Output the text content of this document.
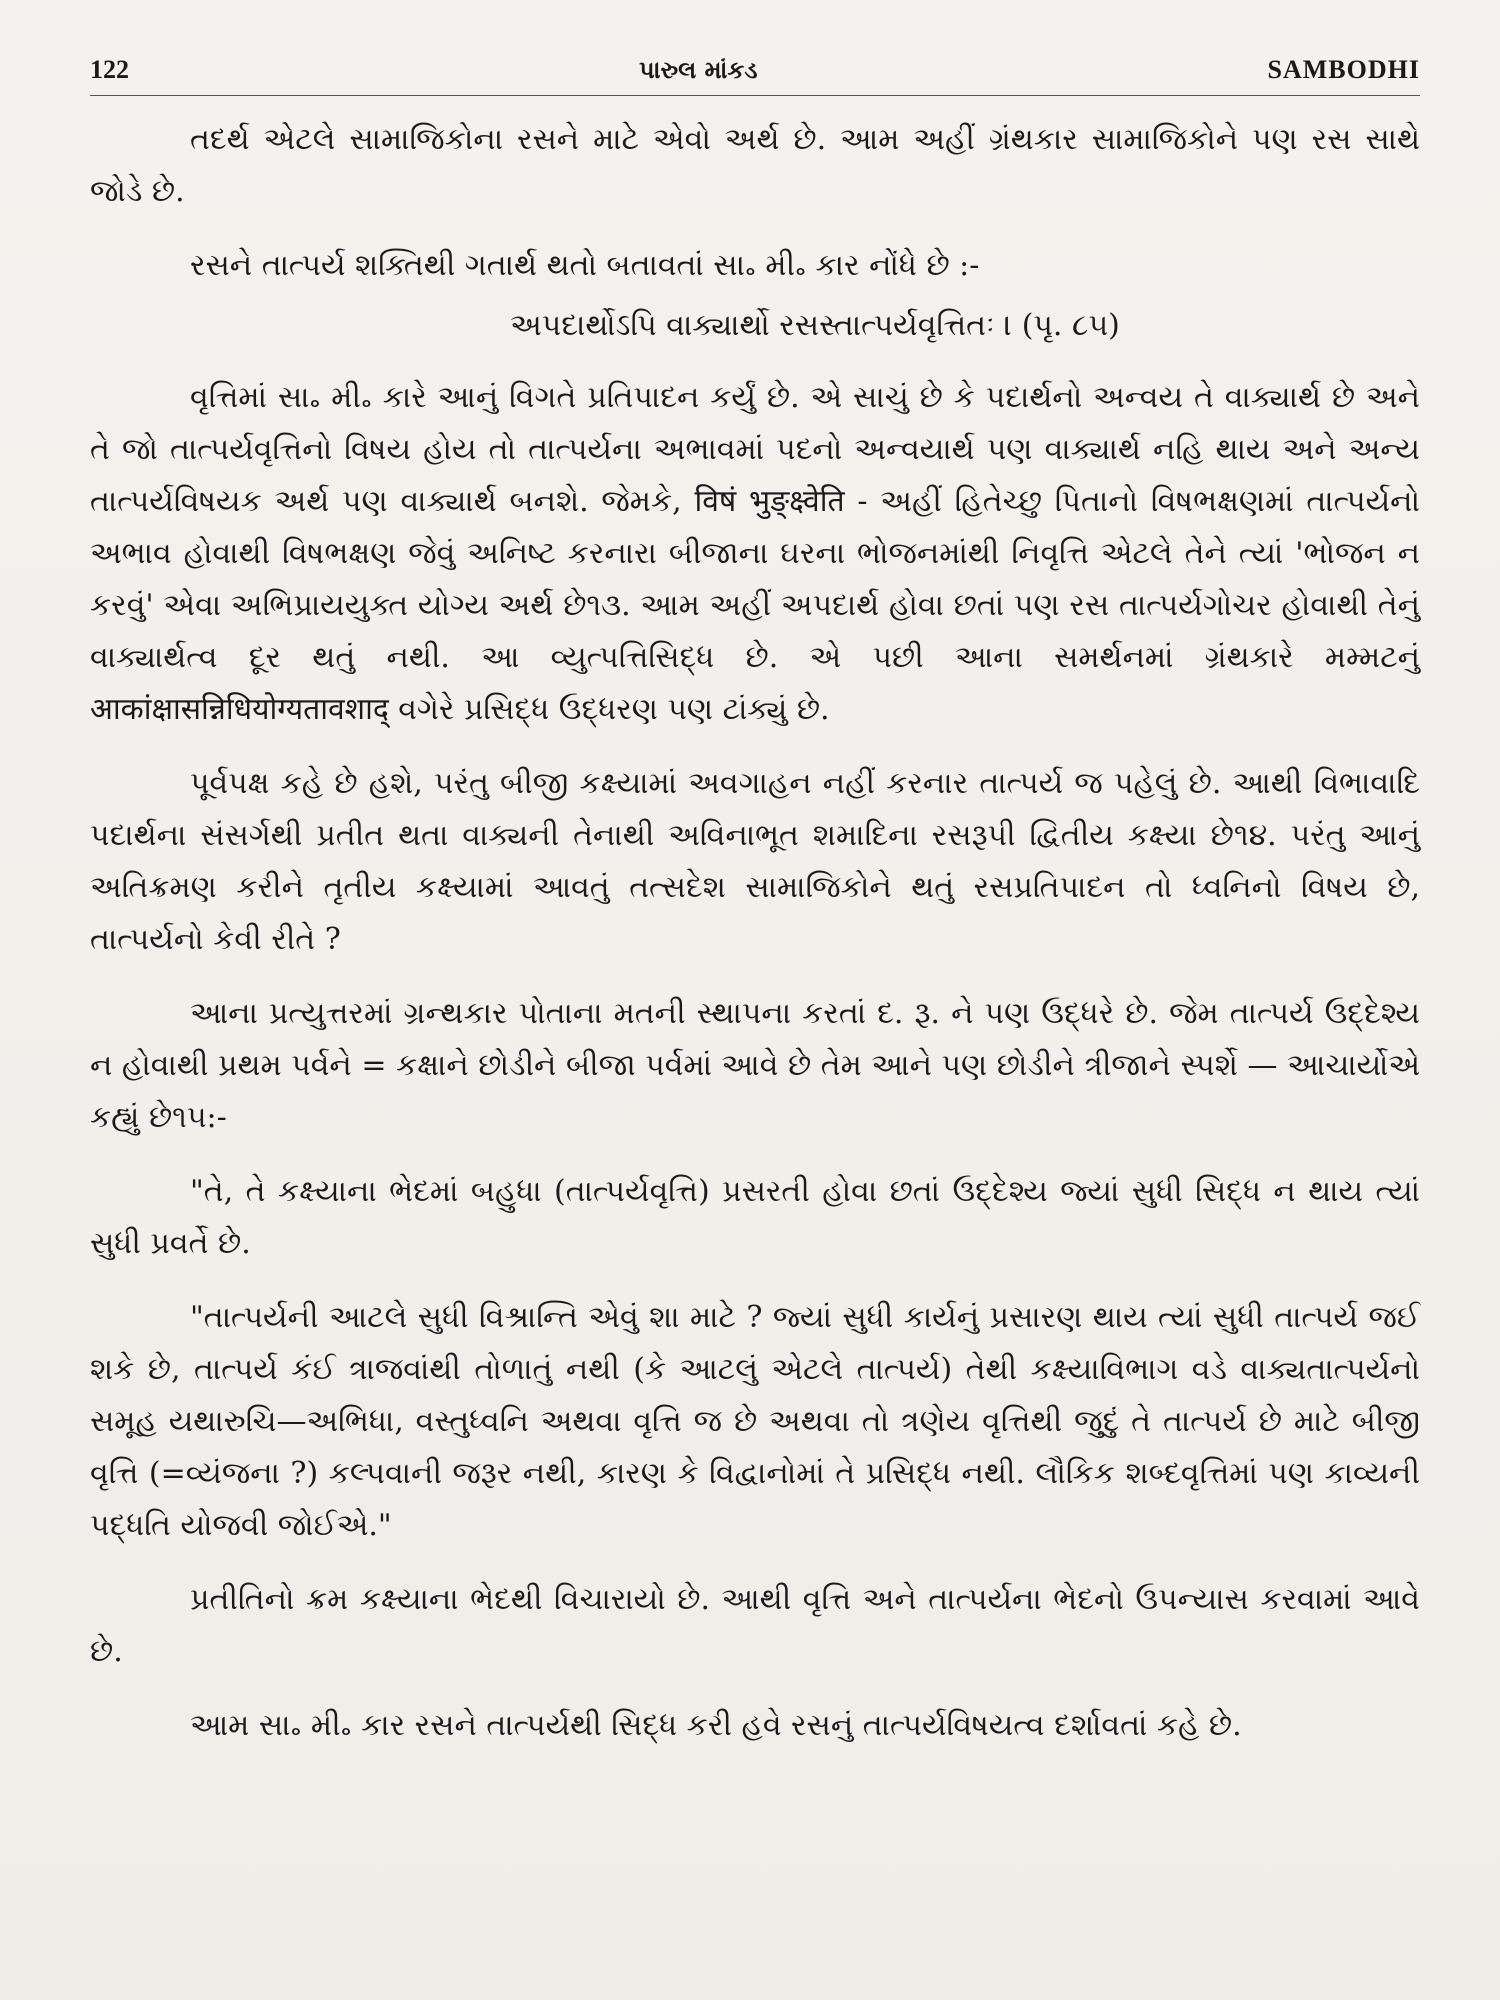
122	પારુલ માંકડ	SAMBODHI

તદર્થ એટલે સામાજિકોના રસને માટે એવો અર્થ છે. આમ અહીં ગ્રંથકાર સામાજિકોને પણ રસ સાથે જોડે છે.

રસને તાત્પર્ય શક્તિથી ગતાર્થ થતો બતાવતાં સા૰ મી૰ કાર નોંધે છે :-

અપદાર્થોઽપિ વાક્યાર્થો રસસ્તાત્પર્યવૃત્તિતઃ । (પૃ. ૮૫)

વૃત્તિમાં સા૰ મી૰ કારે આનું વિગતે પ્રતિપાદન કર્યું છે. એ સાચું છે કે પદાર્થનો અન્વય તે વાક્યાર્થ છે અને તે જો તાત્પર્યવૃત્તિનો વિષય હોય તો તાત્પર્યના અભાવમાં પદનો અન્વયાર્થ પણ વાક્યાર્થ નહિ થાય અને અન્ય તાત્પર્યવિષયક અર્થ પણ વાક્યાર્થ બનશે. જેમકે, विषं भुङ्क्ष्वेति - અહીં હિતેચ્છુ પિતાનો વિષભક્ષણમાં તાત્પર્યનો અભાવ હોવાથી વિષભક્ષણ જેવું અનિષ્ટ કરનારા બીજાના ઘરના ભોજનમાંથી નિવૃત્તિ એટલે તેને ત્યાં 'ભોજન ન કરવું' એવા અભિપ્રાયયુક્ત યોગ્ય અર્થ છે૧૩. આમ અહીં અપદાર્થ હોવા છતાં પણ રસ તાત્પર્યગોચર હોવાથી તેનું વાક્યાર્થત્વ દૂર થતું નથી. આ વ્યુત્પત્તિસિદ્ધ છે. એ પછી આના સમર્થનમાં ગ્રંથકારે મમ્મટનું आकांक्षासन्निधियोग्यतावशाद् વગેરે પ્રસિદ્ધ ઉદ્ધરણ પણ ટાંક્યું છે.

પૂર્વપક્ષ કહે છે હશે, પરંતુ બીજી કક્ષ્યામાં અવગાહન નહીં કરનાર તાત્પર્ય જ પહેલું છે. આથી વિભાવાદિ પદાર્થના સંસર્ગથી પ્રતીત થતા વાક્યની તેનાથી અવિનાભૂત શમાદિના રસરૂપી દ્વિતીય કક્ષ્યા છે૧૪. પરંતુ આનું અતિક્રમણ કરીને તૃતીય કક્ષ્યામાં આવતું તત્સદેશ સામાજિકોને થતું રસપ્રતિપાદન તો ધ્વનિનો વિષય છે, તાત્પર્યનો કેવી રીતે ?

આના પ્રત્યુત્તરમાં ગ્રન્થકાર પોતાના મતની સ્થાપના કરતાં દ. રૂ. ને પણ ઉદ્ધરે છે. જેમ તાત્પર્ય ઉદ્દેશ્ય ન હોવાથી પ્રથમ પર્વને = કક્ષાને છોડીને બીજા પર્વમાં આવે છે તેમ આને પણ છોડીને ત્રીજાને સ્પર્શે — આચાર્યોએ કહ્યું છે૧૫:-

"તે, તે કક્ષ્યાના ભેદમાં બહુધા (તાત્પર્યવૃત્તિ) પ્રસરતી હોવા છતાં ઉદ્દેશ્ય જ્યાં સુધી સિદ્ધ ન થાય ત્યાં સુધી પ્રવર્તે છે.

"તાત્પર્યની આટલે સુધી વિશ્રાન્તિ એવું શા માટે ? જ્યાં સુધી કાર્યનું પ્રસારણ થાય ત્યાં સુધી તાત્પર્ય જઈ શકે છે, તાત્પર્ય કંઈ ત્રાજવાંથી તોળાતું નથી (કે આટલું એટલે તાત્પર્ય) તેથી કક્ષ્યાવિભાગ વડે વાક્યતાત્પર્યનો સમૂહ યથારુચિ—અભિધા, વસ્તુધ્વનિ અથવા વૃત્તિ જ છે અથવા તો ત્રણેય વૃત્તિથી જુદું તે તાત્પર્ય છે માટે બીજી વૃત્તિ (=વ્યંજના ?) કલ્પવાની જરૂર નથી, કારણ કે વિદ્વાનોમાં તે પ્રસિદ્ધ નથી. લૌકિક શબ્દવૃત્તિમાં પણ કાવ્યની પદ્ધતિ યોજવી જોઈએ."

પ્રતીતિનો ક્રમ કક્ષ્યાના ભેદથી વિચારાયો છે. આથી વૃત્તિ અને તાત્પર્યના ભેદનો ઉપન્યાસ કરવામાં આવે છે.

આમ સા૰ મી૰ કાર રસને તાત્પર્યથી સિદ્ધ કરી હવે રસનું તાત્પર્યવિષયત્વ દર્શાવતાં કહે છે.
